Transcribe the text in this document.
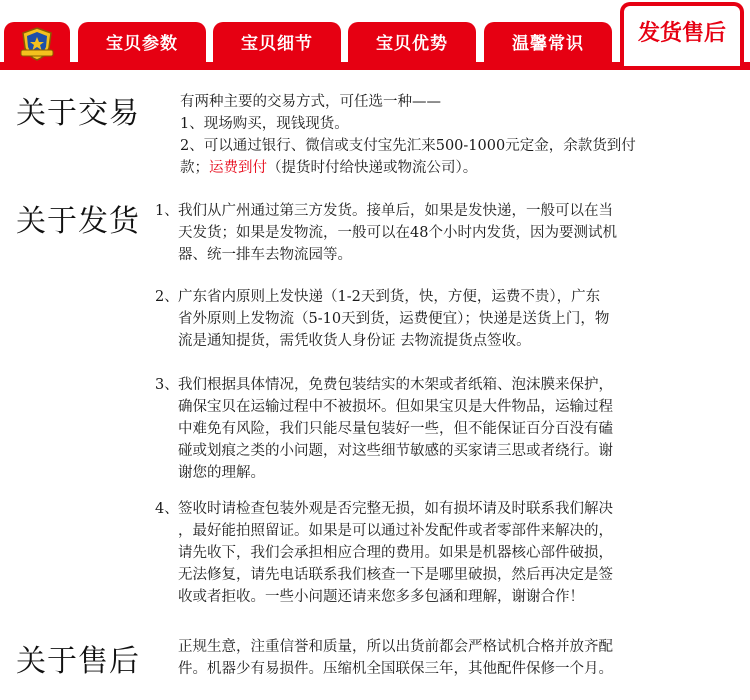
宝贝参数	宝贝细节	宝贝优势	温馨常识	发货售后
关于交易	有两种主要的交易方式，可任选一种——
1、现场购买，现钱现货。
2、可以通过银行、微信或支付宝先汇来500-1000元定金，余款货到付
款；运费到付（提货时付给快递或物流公司）。
关于发货 1、 我们从广州通过第三方发货。接单后，如果是发快递，一般可以在当
天发货；如果是发物流，一般可以在48个小时内发货，因为要测试机
器、统一排车去物流园等。
2、 广东省内原则上发快递（1-2天到货，快，方便，运费不贵），广东
省外原则上发物流（5-10天到货，运费便宜）；快递是送货上门，物
流是通知提货，需凭收货人身份证 去物流提货点签收。
3、 我们根据具体情况，免费包装结实的木架或者纸箱、泡沫膜来保护，
确保宝贝在运输过程中不被损坏。但如果宝贝是大件物品，运输过程
中难免有风险，我们只能尽量包装好一些，但不能保证百分百没有磕
碰或划痕之类的小问题，对这些细节敏感的买家请三思或者绕行。谢
谢您的理解。
4、 签收时请检查包装外观是否完整无损，如有损坏请及时联系我们解决
，最好能拍照留证。如果是可以通过补发配件或者零部件来解决的，
请先收下，我们会承担相应合理的费用。如果是机器核心部件破损，
无法修复，请先电话联系我们核查一下是哪里破损，然后再决定是签
收或者拒收。一些小问题还请来您多多包涵和理解，谢谢合作！
关于售后	正规生意，注重信誉和质量，所以出货前都会严格试机合格并放齐配
件。机器少有易损件。压缩机全国联保三年，其他配件保修一个月。
